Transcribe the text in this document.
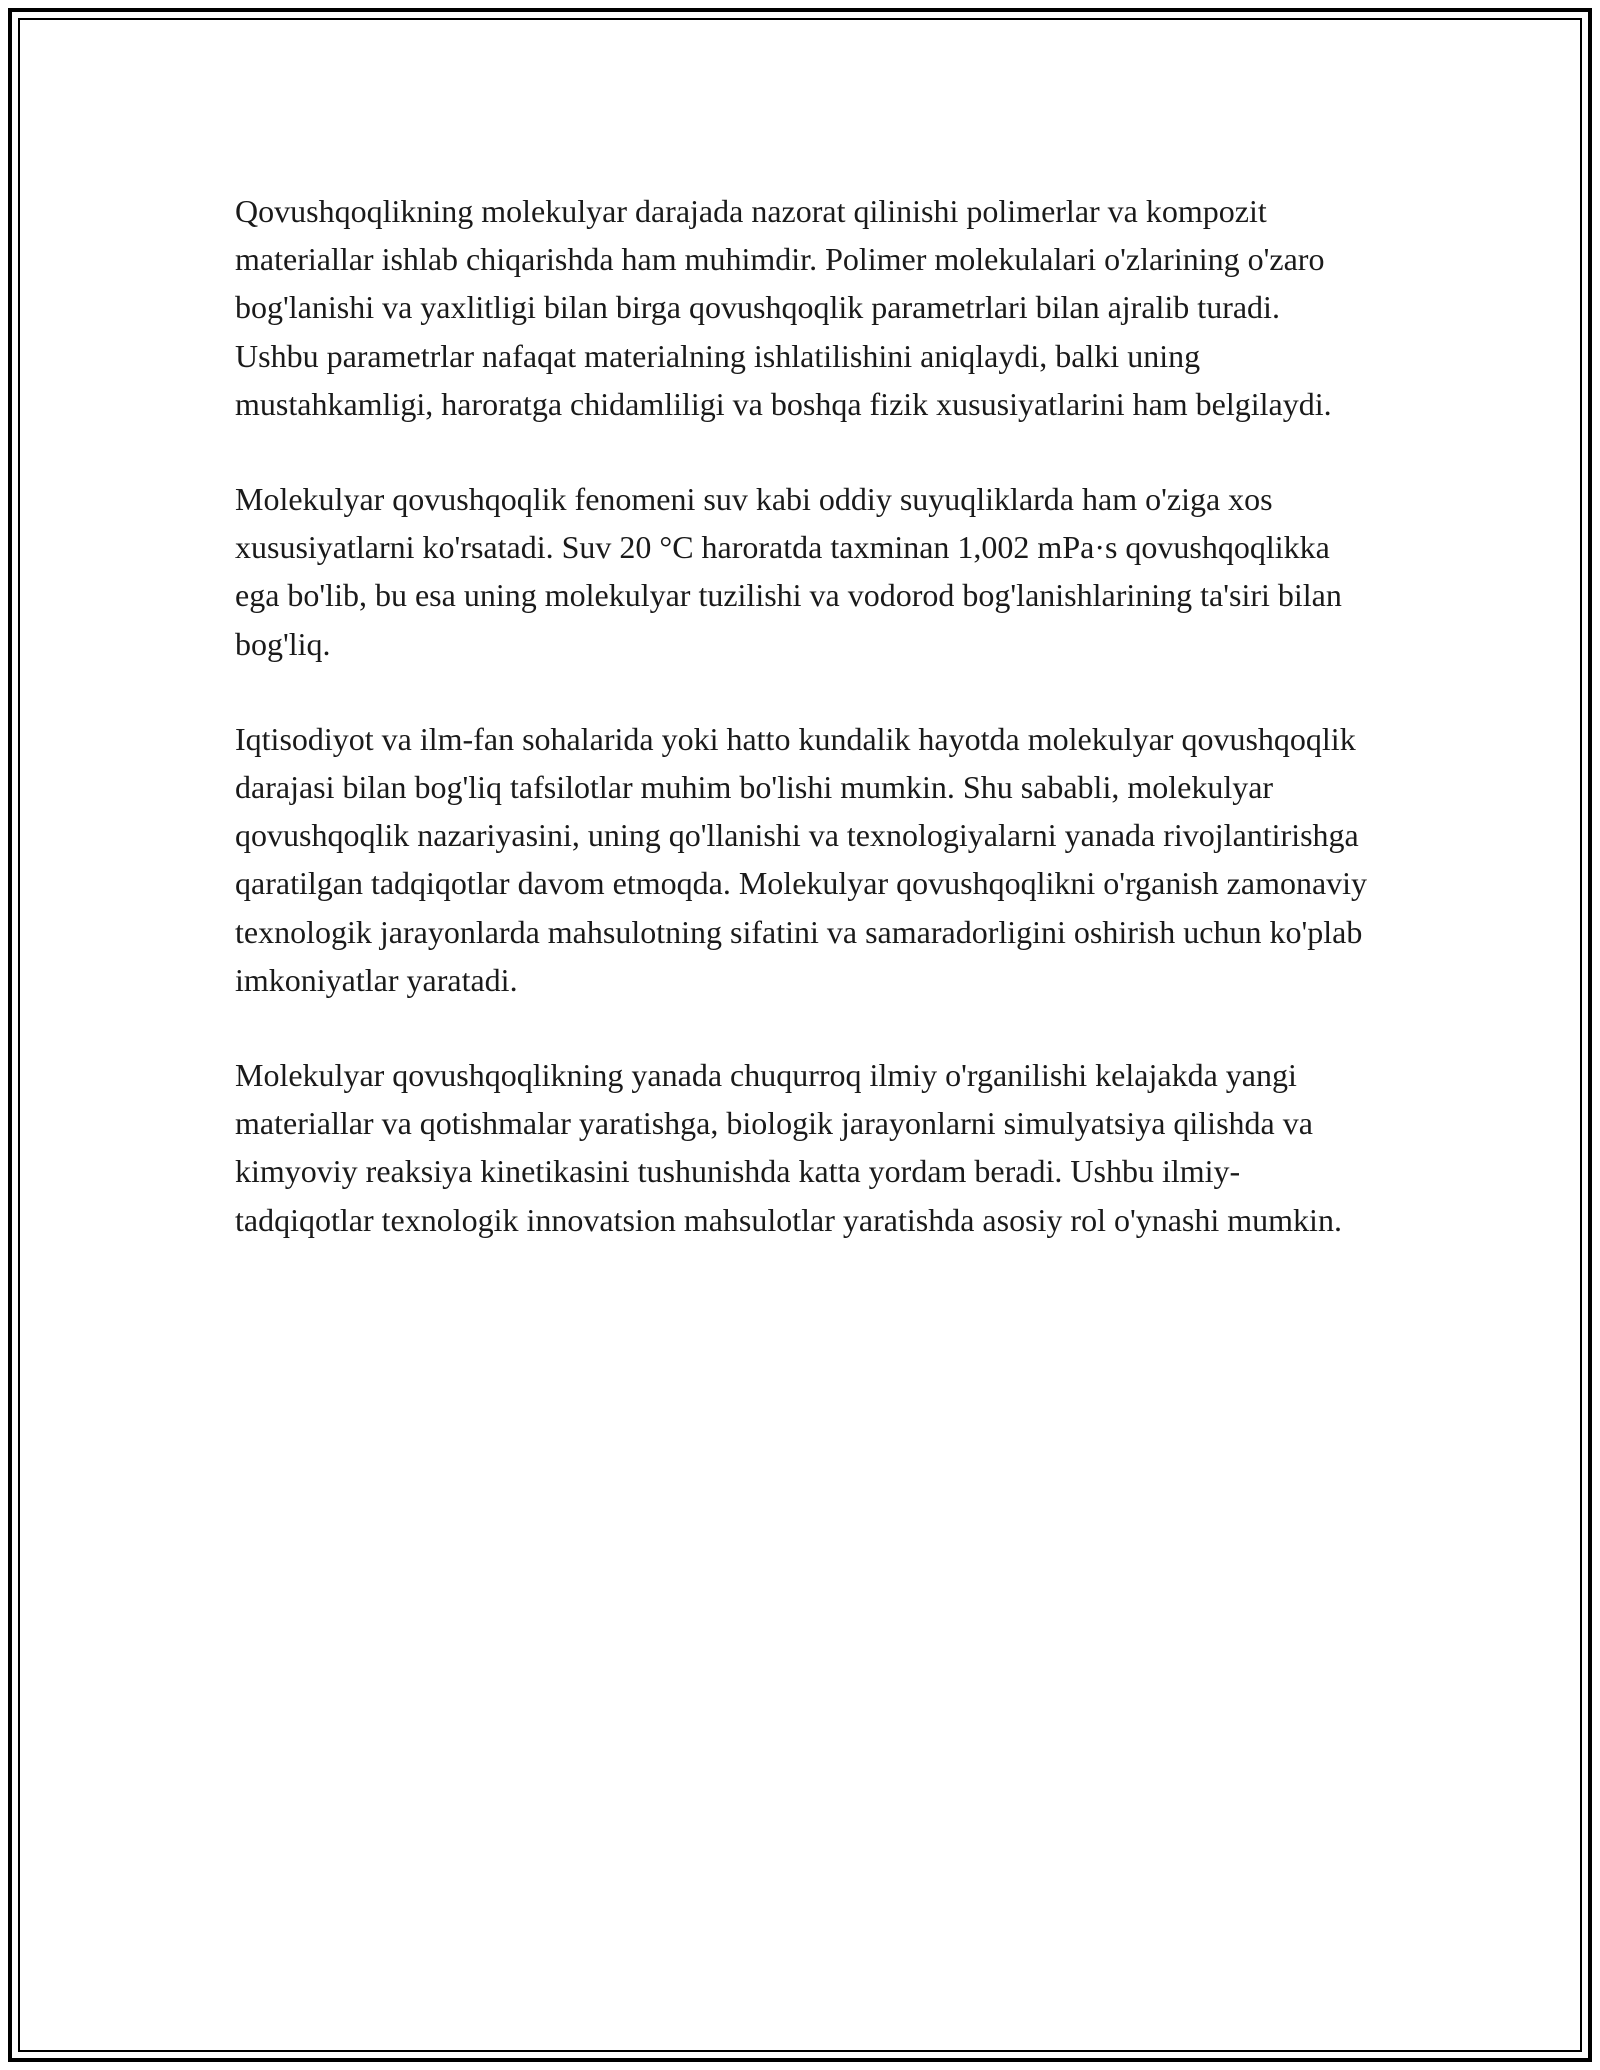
Qovushqoqlikning molekulyar darajada nazorat qilinishi polimerlar va kompozit materiallar ishlab chiqarishda ham muhimdir. Polimer molekulalari o'zlarining o'zaro bog'lanishi va yaxlitligi bilan birga qovushqoqlik parametrlari bilan ajralib turadi. Ushbu parametrlar nafaqat materialning ishlatilishini aniqlaydi, balki uning mustahkamligi, haroratga chidamliligi va boshqa fizik xususiyatlarini ham belgilaydi.

Molekulyar qovushqoqlik fenomeni suv kabi oddiy suyuqliklarda ham o'ziga xos xususiyatlarni ko'rsatadi. Suv 20 °C haroratda taxminan 1,002 mPa·s qovushqoqlikka ega bo'lib, bu esa uning molekulyar tuzilishi va vodorod bog'lanishlarining ta'siri bilan bog'liq.

Iqtisodiyot va ilm-fan sohalarida yoki hatto kundalik hayotda molekulyar qovushqoqlik darajasi bilan bog'liq tafsilotlar muhim bo'lishi mumkin. Shu sababli, molekulyar qovushqoqlik nazariyasini, uning qo'llanishi va texnologiyalarni yanada rivojlantirishga qaratilgan tadqiqotlar davom etmoqda. Molekulyar qovushqoqlikni o'rganish zamonaviy texnologik jarayonlarda mahsulotning sifatini va samaradorligini oshirish uchun ko'plab imkoniyatlar yaratadi.

Molekulyar qovushqoqlikning yanada chuqurroq ilmiy o'rganilishi kelajakda yangi materiallar va qotishmalar yaratishga, biologik jarayonlarni simulyatsiya qilishda va kimyoviy reaksiya kinetikasini tushunishda katta yordam beradi. Ushbu ilmiy-tadqiqotlar texnologik innovatsion mahsulotlar yaratishda asosiy rol o'ynashi mumkin.
